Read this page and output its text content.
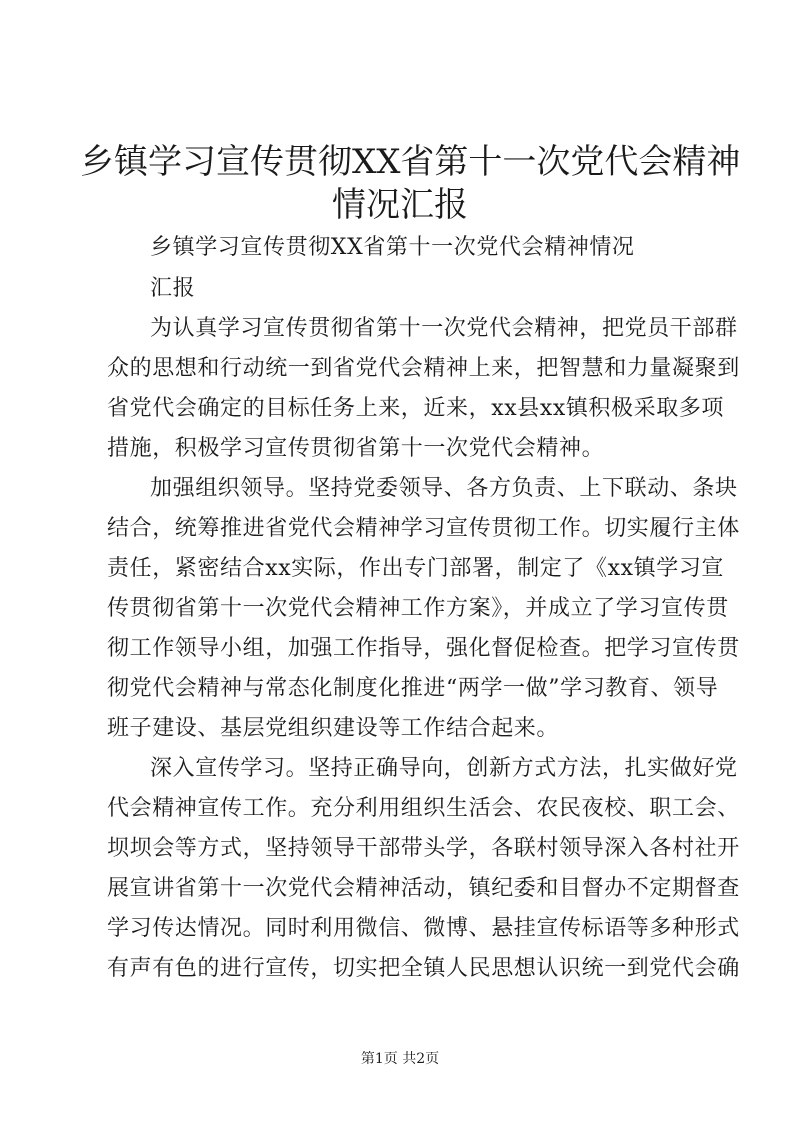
乡镇学习宣传贯彻XX省第十一次党代会精神
情况汇报
乡镇学习宣传贯彻XX省第十一次党代会精神情况
汇报
为认真学习宣传贯彻省第十一次党代会精神，把党员干部群
众的思想和行动统一到省党代会精神上来，把智慧和力量凝聚到
省党代会确定的目标任务上来，近来，xx县xx镇积极采取多项
措施，积极学习宣传贯彻省第十一次党代会精神。
加强组织领导。坚持党委领导、各方负责、上下联动、条块
结合，统筹推进省党代会精神学习宣传贯彻工作。切实履行主体
责任，紧密结合xx实际，作出专门部署，制定了《xx镇学习宣
传贯彻省第十一次党代会精神工作方案》，并成立了学习宣传贯
彻工作领导小组，加强工作指导，强化督促检查。把学习宣传贯
彻党代会精神与常态化制度化推进“两学一做”学习教育、领导
班子建设、基层党组织建设等工作结合起来。
深入宣传学习。坚持正确导向，创新方式方法，扎实做好党
代会精神宣传工作。充分利用组织生活会、农民夜校、职工会、
坝坝会等方式，坚持领导干部带头学，各联村领导深入各村社开
展宣讲省第十一次党代会精神活动，镇纪委和目督办不定期督查
学习传达情况。同时利用微信、微博、悬挂宣传标语等多种形式
有声有色的进行宣传，切实把全镇人民思想认识统一到党代会确
第1页 共2页
